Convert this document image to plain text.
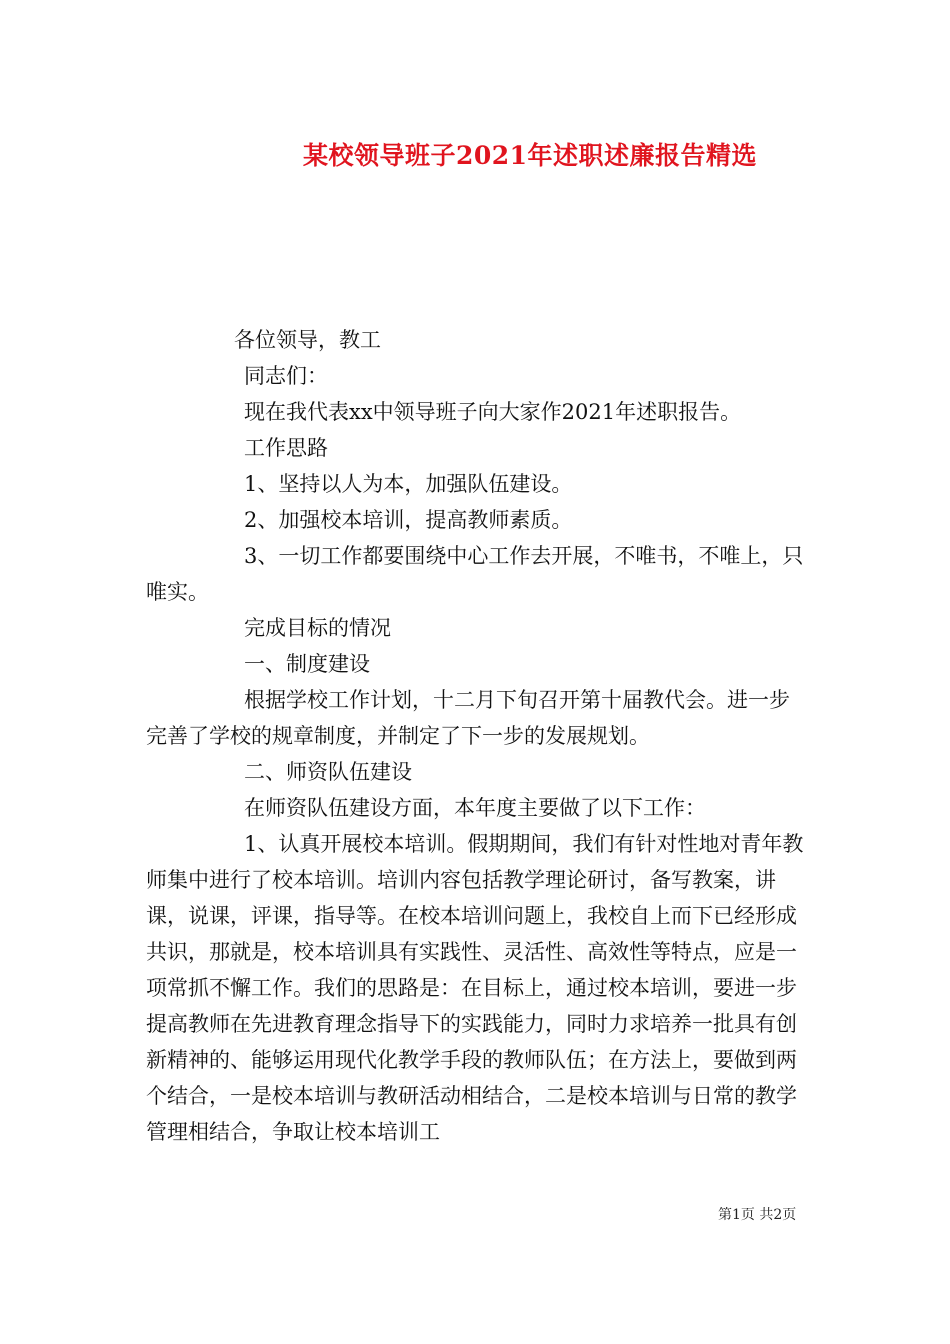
某校领导班子2021年述职述廉报告精选

各位领导，教工

同志们：

现在我代表xx中领导班子向大家作2021年述职报告。

工作思路

1、坚持以人为本，加强队伍建设。

2、加强校本培训，提高教师素质。

3、一切工作都要围绕中心工作去开展，不唯书，不唯上，只唯实。

完成目标的情况

一、制度建设

根据学校工作计划，十二月下旬召开第十届教代会。进一步完善了学校的规章制度，并制定了下一步的发展规划。

二、师资队伍建设

在师资队伍建设方面，本年度主要做了以下工作：

1、认真开展校本培训。假期期间，我们有针对性地对青年教师集中进行了校本培训。培训内容包括教学理论研讨，备写教案，讲课，说课，评课，指导等。在校本培训问题上，我校自上而下已经形成共识，那就是，校本培训具有实践性、灵活性、高效性等特点，应是一项常抓不懈工作。我们的思路是：在目标上，通过校本培训，要进一步提高教师在先进教育理念指导下的实践能力，同时力求培养一批具有创新精神的、能够运用现代化教学手段的教师队伍；在方法上，要做到两个结合，一是校本培训与教研活动相结合，二是校本培训与日常的教学管理相结合，争取让校本培训工

第1页 共2页
